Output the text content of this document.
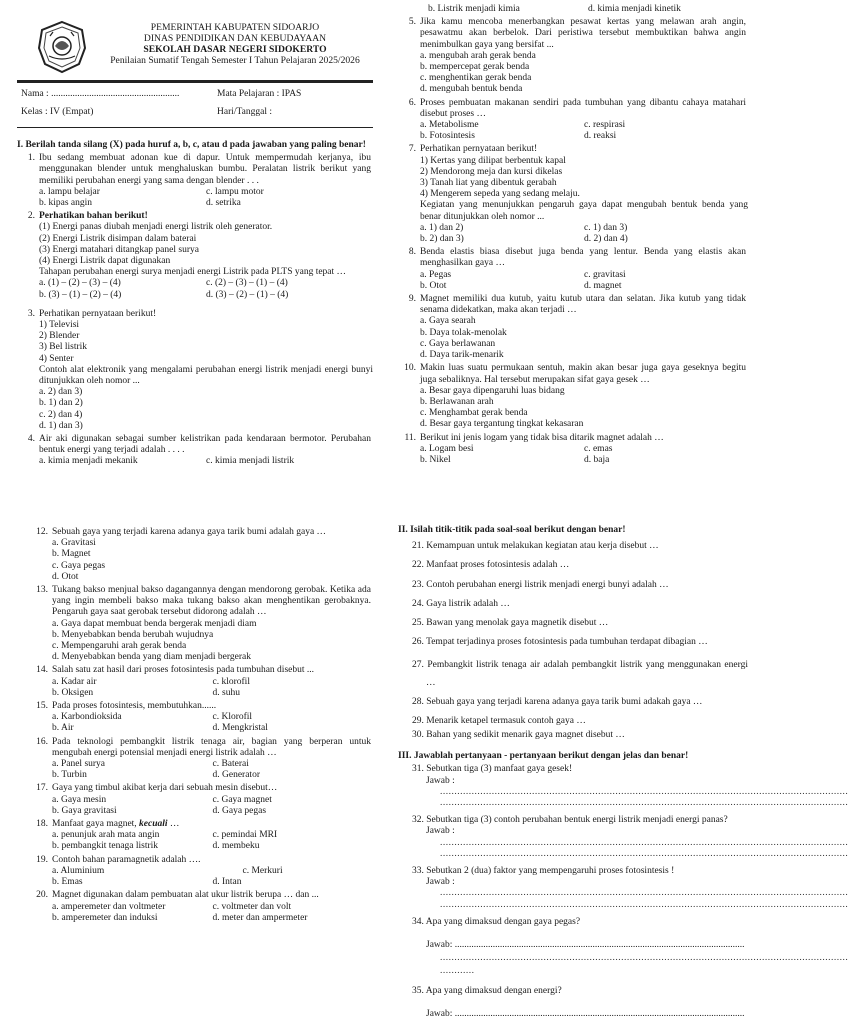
PEMERINTAH KABUPATEN SIDOARJO
DINAS PENDIDIKAN DAN KEBUDAYAAN
SEKOLAH DASAR NEGERI SIDOKERTO
Penilaian Sumatif Tengah Semester I Tahun Pelajaran 2025/2026
Nama : ......................................................	Mata Pelajaran : IPAS
Kelas : IV (Empat)	Hari/Tanggal :
I. Berilah tanda silang (X) pada huruf a, b, c, atau d pada jawaban yang paling benar!
1. Ibu sedang membuat adonan kue di dapur. Untuk mempermudah kerjanya, ibu menggunakan blender untuk menghaluskan bumbu. Peralatan listrik berikut yang memiliki perubahan energi yang sama dengan blender . . .
a. lampu belajar	c. lampu motor
b. kipas angin	d. setrika
2. Perhatikan bahan berikut!
(1) Energi panas diubah menjadi energi listrik oleh generator.
(2) Energi Listrik disimpan dalam baterai
(3) Energi matahari ditangkap panel surya
(4) Energi Listrik dapat digunakan
Tahapan perubahan energi surya menjadi energi Listrik pada PLTS yang tepat …
a. (1) – (2) – (3) – (4)	c. (2) – (3) – (1) – (4)
b. (3) – (1) – (2) – (4)	d. (3) – (2) – (1) – (4)
3. Perhatikan pernyataan berikut!
1) Televisi
2) Blender
3) Bel listrik
4) Senter
Contoh alat elektronik yang mengalami perubahan energi listrik menjadi energi bunyi ditunjukkan oleh nomor ...
a. 2) dan 3)
b. 1) dan 2)
c. 2) dan 4)
d. 1) dan 3)
4. Air aki digunakan sebagai sumber kelistrikan pada kendaraan bermotor. Perubahan bentuk energi yang terjadi adalah . . . .
a. kimia menjadi mekanik	c. kimia menjadi listrik
b. Listrik menjadi kimia	d. kimia menjadi kinetik
5. Jika kamu mencoba menerbangkan pesawat kertas yang melawan arah angin, pesawatmu akan berbelok. Dari peristiwa tersebut membuktikan bahwa angin menimbulkan gaya yang bersifat ...
a. mengubah arah gerak benda
b. mempercepat gerak benda
c. menghentikan gerak benda
d. mengubah bentuk benda
6. Proses pembuatan makanan sendiri pada tumbuhan yang dibantu cahaya matahari disebut proses …
a. Metabolisme	c. respirasi
b. Fotosintesis	d. reaksi
7. Perhatikan pernyataan berikut!
1) Kertas yang dilipat berbentuk kapal
2) Mendorong meja dan kursi dikelas
3) Tanah liat yang dibentuk gerabah
4) Mengerem sepeda yang sedang melaju.
Kegiatan yang menunjukkan pengaruh gaya dapat mengubah bentuk benda yang benar ditunjukkan oleh nomor ...
a. 1) dan 2)	c. 1) dan 3)
b. 2) dan 3)	d. 2) dan 4)
8. Benda elastis biasa disebut juga benda yang lentur. Benda yang elastis akan menghasilkan gaya …
a. Pegas	c. gravitasi
b. Otot	d. magnet
9. Magnet memiliki dua kutub, yaitu kutub utara dan selatan. Jika kutub yang tidak senama didekatkan, maka akan terjadi …
a. Gaya searah
b. Daya tolak-menolak
c. Gaya berlawanan
d. Daya tarik-menarik
10. Makin luas suatu permukaan sentuh, makin akan besar juga gaya geseknya begitu juga sebaliknya. Hal tersebut merupakan sifat gaya gesek …
a. Besar gaya dipengaruhi luas bidang
b. Berlawanan arah
c. Menghambat gerak benda
d. Besar gaya tergantung tingkat kekasaran
11. Berikut ini jenis logam yang tidak bisa ditarik magnet adalah …
a. Logam besi	c. emas
b. Nikel	d. baja
12. Sebuah gaya yang terjadi karena adanya gaya tarik bumi adalah gaya …
a. Gravitasi
b. Magnet
c. Gaya pegas
d. Otot
13. Tukang bakso menjual bakso dagangannya dengan mendorong gerobak. Ketika ada yang ingin membeli bakso maka tukang bakso akan menghentikan gerobaknya. Pengaruh gaya saat gerobak tersebut didorong adalah …
a. Gaya dapat membuat benda bergerak menjadi diam
b. Menyebabkan benda berubah wujudnya
c. Mempengaruhi arah gerak benda
d. Menyebabkan benda yang diam menjadi bergerak
14. Salah satu zat hasil dari proses fotosintesis pada tumbuhan disebut ...
a. Kadar air	c. klorofil
b. Oksigen	d. suhu
15. Pada proses fotosintesis, membutuhkan......
a. Karbondioksida	c. Klorofil
b. Air	d. Mengkristal
16. Pada teknologi pembangkit listrik tenaga air, bagian yang berperan untuk mengubah energi potensial menjadi energi listrik adalah …
a. Panel surya	c. Baterai
b. Turbin	d. Generator
17. Gaya yang timbul akibat kerja dari sebuah mesin disebut…
a. Gaya mesin	c. Gaya magnet
b. Gaya gravitasi	d. Gaya pegas
18. Manfaat gaya magnet, kecuali …
a. penunjuk arah mata angin	c. pemindai MRI
b. pembangkit tenaga listrik	d. membeku
19. Contoh bahan paramagnetik adalah ….
a. Aluminium	c. Merkuri
b. Emas	d. Intan
20. Magnet digunakan dalam pembuatan alat ukur listrik berupa … dan ...
a. amperemeter dan voltmeter	c. voltmeter dan volt
b. amperemeter dan induksi	d. meter dan ampermeter
II. Isilah titik-titik pada soal-soal berikut dengan benar!
21. Kemampuan untuk melakukan kegiatan atau kerja disebut …
22. Manfaat proses fotosintesis adalah …
23. Contoh perubahan energi listrik menjadi energi bunyi adalah …
24. Gaya listrik adalah …
25. Bawan yang menolak gaya magnetik disebut …
26. Tempat terjadinya proses fotosintesis pada tumbuhan terdapat dibagian …
27. Pembangkit listrik tenaga air adalah pembangkit listrik yang menggunakan energi …
28. Sebuah gaya yang terjadi karena adanya gaya tarik bumi adakah gaya …
29. Menarik ketapel termasuk contoh gaya …
30. Bahan yang sedikit menarik gaya magnet disebut …
III. Jawablah pertanyaan - pertanyaan berikut dengan jelas dan benar!
31. Sebutkan tiga (3) manfaat gaya gesek!
Jawab :
..............................................................................................................................................
..............................................................................................................................................
32. Sebutkan tiga (3) contoh perubahan bentuk energi listrik menjadi energi panas?
Jawab :
..............................................................................................................................................
..............................................................................................................................................
33. Sebutkan 2 (dua) faktor yang mempengaruhi proses fotosintesis !
Jawab :
..............................................................................................................................................
..............................................................................................................................................
34. Apa yang dimaksud dengan gaya pegas?
Jawab: ..........................................................................................................................
..............................................................................................................................................
............
35. Apa yang dimaksud dengan energi?
Jawab: ..........................................................................................................................
